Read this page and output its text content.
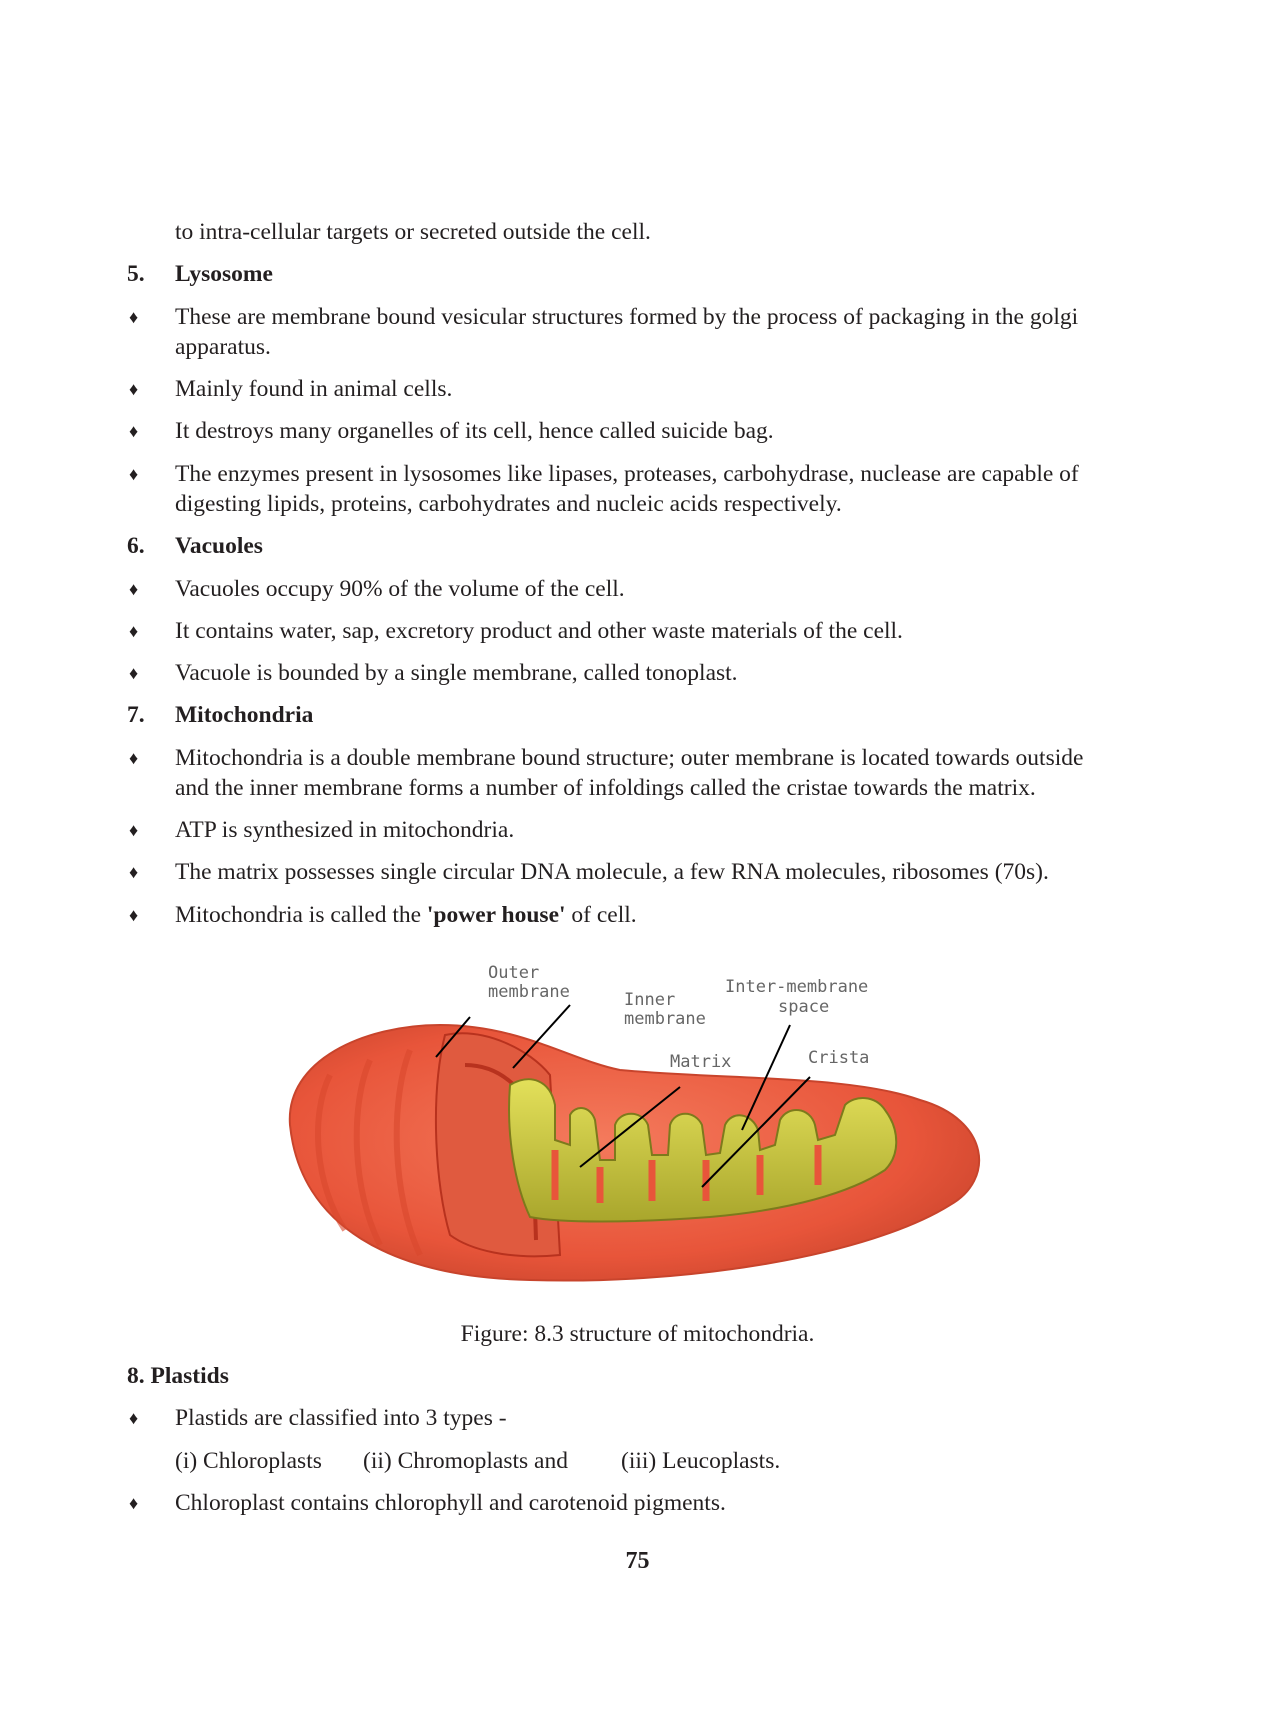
to intra-cellular targets or secreted outside the cell.
5. Lysosome
♦ These are membrane bound vesicular structures formed by the process of packaging in the golgi
apparatus.
♦ Mainly found in animal cells.
♦ It destroys many organelles of its cell, hence called suicide bag.
♦ The enzymes present in lysosomes like lipases, proteases, carbohydrase, nuclease are capable of
digesting lipids, proteins, carbohydrates and nucleic acids respectively.
6. Vacuoles
♦ Vacuoles occupy 90% of the volume of the cell.
♦ It contains water, sap, excretory product and other waste materials of the cell.
♦ Vacuole is bounded by a single membrane, called tonoplast.
7. Mitochondria
♦ Mitochondria is a double membrane bound structure; outer membrane is located towards outside
and the inner membrane forms a number of infoldings called the cristae towards the matrix.
♦ ATP is synthesized in mitochondria.
♦ The matrix possesses single circular DNA molecule, a few RNA molecules, ribosomes (70s).
♦ Mitochondria is called the 'power house' of cell.
Outer
membrane	Inner
membrane
Inter-membrane
space
Matrix	Crista
Figure: 8.3 structure of mitochondria.
8. Plastids
♦ Plastids are classified into 3 types -
(i) Chloroplasts (ii) Chromoplasts and (iii) Leucoplasts.
♦ Chloroplast contains chlorophyll and carotenoid pigments.
75
